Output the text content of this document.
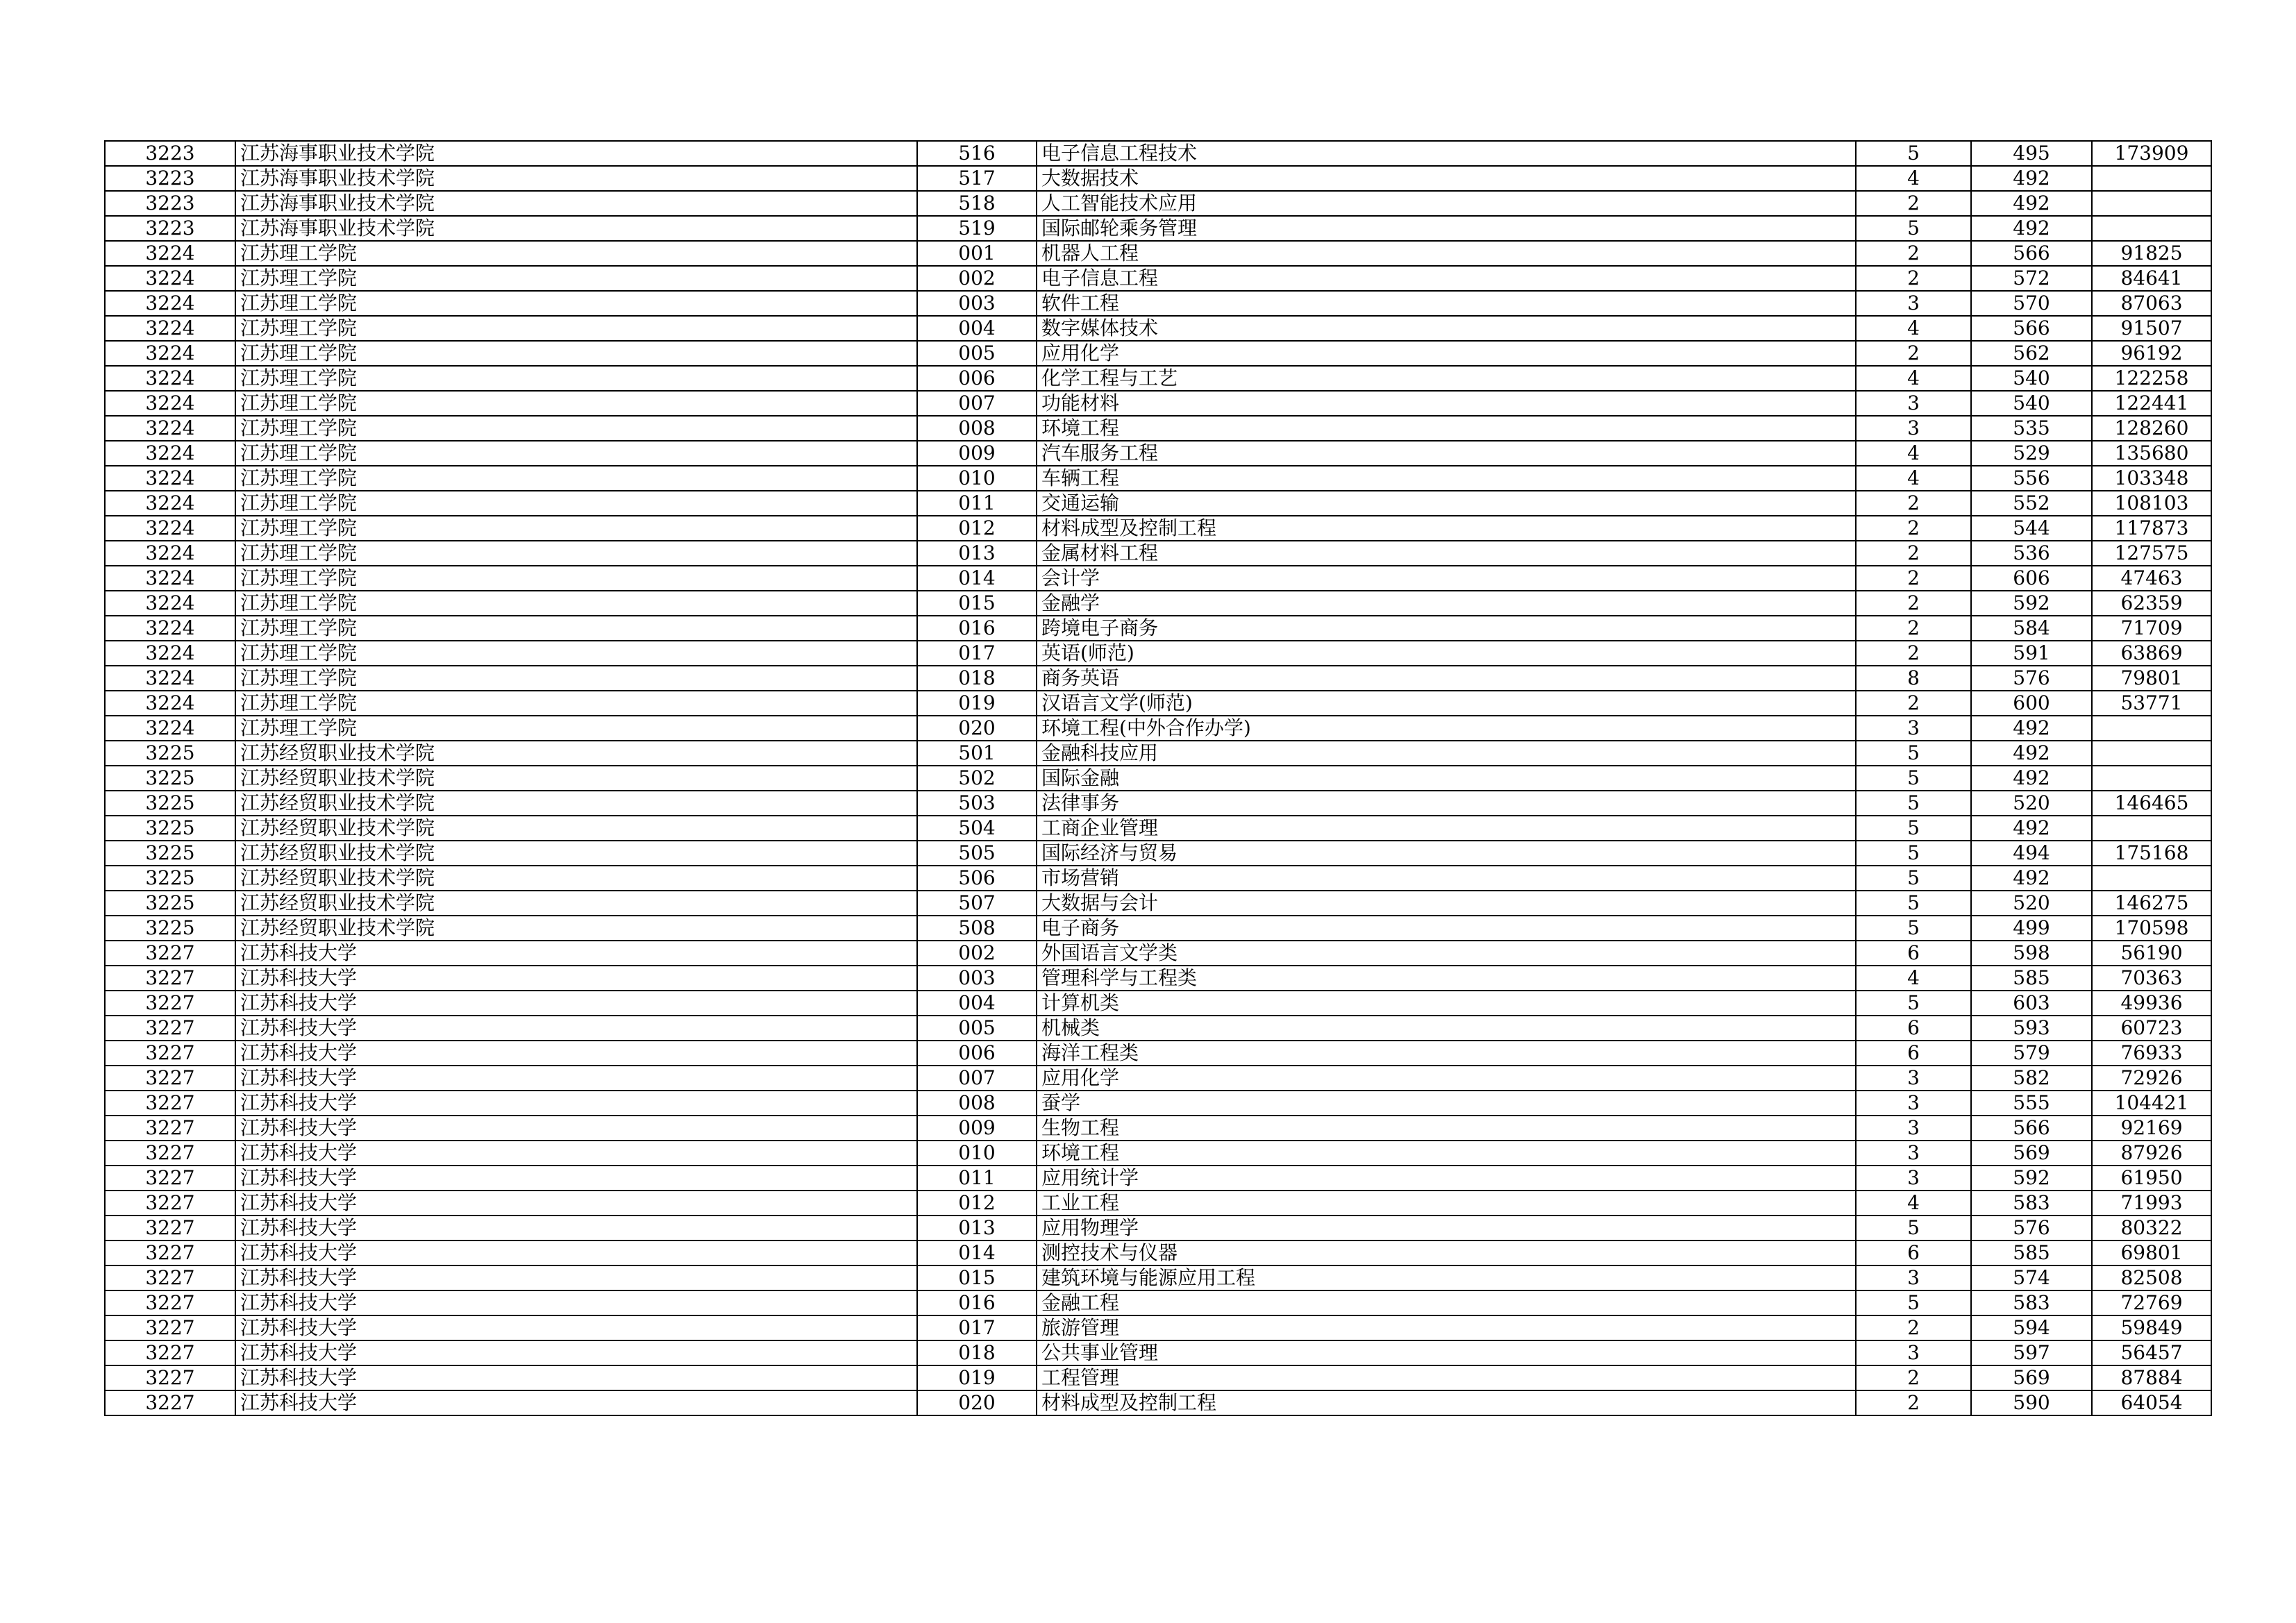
3223	江苏海事职业技术学院	516	电子信息工程技术	5	495	173909
3223	江苏海事职业技术学院	517	大数据技术	4	492	
3223	江苏海事职业技术学院	518	人工智能技术应用	2	492	
3223	江苏海事职业技术学院	519	国际邮轮乘务管理	5	492	
3224	江苏理工学院	001	机器人工程	2	566	91825
3224	江苏理工学院	002	电子信息工程	2	572	84641
3224	江苏理工学院	003	软件工程	3	570	87063
3224	江苏理工学院	004	数字媒体技术	4	566	91507
3224	江苏理工学院	005	应用化学	2	562	96192
3224	江苏理工学院	006	化学工程与工艺	4	540	122258
3224	江苏理工学院	007	功能材料	3	540	122441
3224	江苏理工学院	008	环境工程	3	535	128260
3224	江苏理工学院	009	汽车服务工程	4	529	135680
3224	江苏理工学院	010	车辆工程	4	556	103348
3224	江苏理工学院	011	交通运输	2	552	108103
3224	江苏理工学院	012	材料成型及控制工程	2	544	117873
3224	江苏理工学院	013	金属材料工程	2	536	127575
3224	江苏理工学院	014	会计学	2	606	47463
3224	江苏理工学院	015	金融学	2	592	62359
3224	江苏理工学院	016	跨境电子商务	2	584	71709
3224	江苏理工学院	017	英语(师范)	2	591	63869
3224	江苏理工学院	018	商务英语	8	576	79801
3224	江苏理工学院	019	汉语言文学(师范)	2	600	53771
3224	江苏理工学院	020	环境工程(中外合作办学)	3	492	
3225	江苏经贸职业技术学院	501	金融科技应用	5	492	
3225	江苏经贸职业技术学院	502	国际金融	5	492	
3225	江苏经贸职业技术学院	503	法律事务	5	520	146465
3225	江苏经贸职业技术学院	504	工商企业管理	5	492	
3225	江苏经贸职业技术学院	505	国际经济与贸易	5	494	175168
3225	江苏经贸职业技术学院	506	市场营销	5	492	
3225	江苏经贸职业技术学院	507	大数据与会计	5	520	146275
3225	江苏经贸职业技术学院	508	电子商务	5	499	170598
3227	江苏科技大学	002	外国语言文学类	6	598	56190
3227	江苏科技大学	003	管理科学与工程类	4	585	70363
3227	江苏科技大学	004	计算机类	5	603	49936
3227	江苏科技大学	005	机械类	6	593	60723
3227	江苏科技大学	006	海洋工程类	6	579	76933
3227	江苏科技大学	007	应用化学	3	582	72926
3227	江苏科技大学	008	蚕学	3	555	104421
3227	江苏科技大学	009	生物工程	3	566	92169
3227	江苏科技大学	010	环境工程	3	569	87926
3227	江苏科技大学	011	应用统计学	3	592	61950
3227	江苏科技大学	012	工业工程	4	583	71993
3227	江苏科技大学	013	应用物理学	5	576	80322
3227	江苏科技大学	014	测控技术与仪器	6	585	69801
3227	江苏科技大学	015	建筑环境与能源应用工程	3	574	82508
3227	江苏科技大学	016	金融工程	5	583	72769
3227	江苏科技大学	017	旅游管理	2	594	59849
3227	江苏科技大学	018	公共事业管理	3	597	56457
3227	江苏科技大学	019	工程管理	2	569	87884
3227	江苏科技大学	020	材料成型及控制工程	2	590	64054
